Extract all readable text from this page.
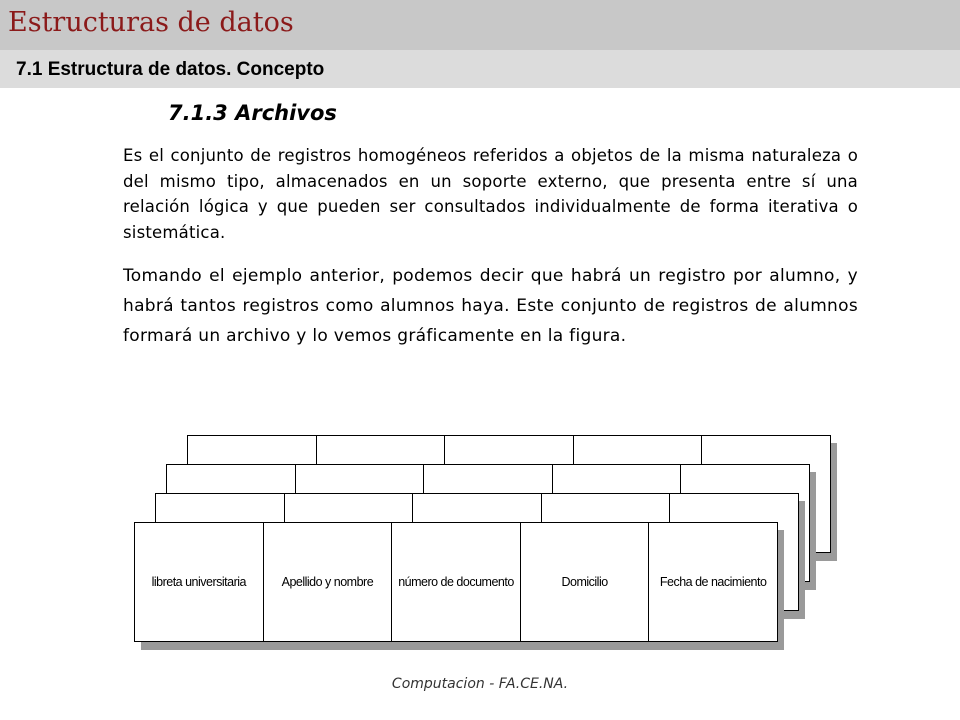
Estructuras de datos
7.1 Estructura de datos. Concepto
7.1.3 Archivos

Es el conjunto de registros homogéneos referidos a objetos de la misma naturaleza o del mismo tipo, almacenados en un soporte externo, que presenta entre sí una relación lógica y que pueden ser consultados individualmente de forma iterativa o sistemática.

Tomando el ejemplo anterior, podemos decir que habrá un registro por alumno, y habrá tantos registros como alumnos haya. Este conjunto de registros de alumnos formará un archivo y lo vemos gráficamente en la figura.

libreta universitaria	Apellido y nombre	número de documento	Domicilio	Fecha de nacimiento
Computacion - FA.CE.NA.
